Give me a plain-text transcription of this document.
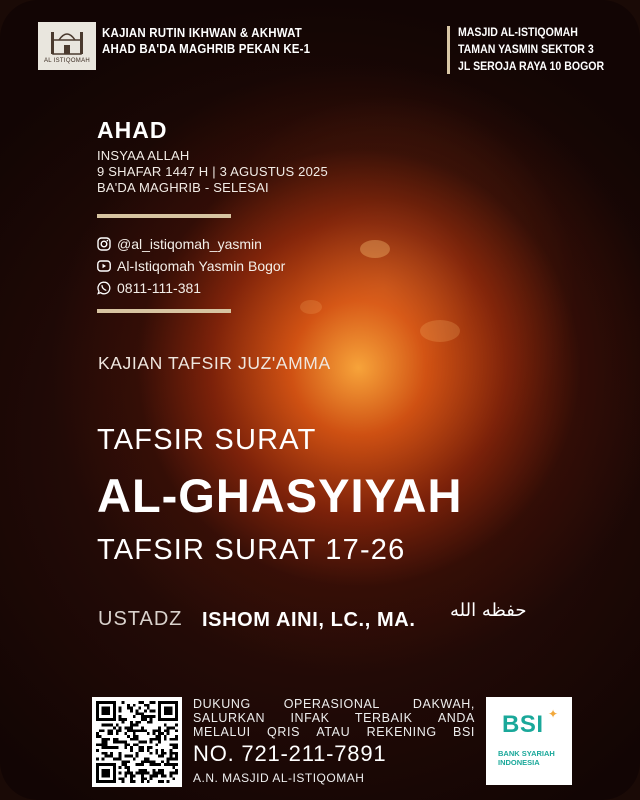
AL ISTIQOMAH
KAJIAN RUTIN IKHWAN & AKHWAT
AHAD BA'DA MAGHRIB PEKAN KE-1
MASJID AL-ISTIQOMAH
TAMAN YASMIN SEKTOR 3
JL SEROJA RAYA 10 BOGOR
AHAD
INSYAA ALLAH
9 SHAFAR 1447 H | 3 AGUSTUS 2025
BA'DA MAGHRIB - SELESAI
@al_istiqomah_yasmin
Al-Istiqomah Yasmin Bogor
0811-111-381
KAJIAN TAFSIR JUZ'AMMA
TAFSIR SURAT
AL-GHASYIYAH
TAFSIR SURAT 17-26
USTADZ ISHOM AINI, LC., MA. حفظه الله
DUKUNG	OPERASIONAL	DAKWAH,
SALURKAN INFAK TERBAIK ANDA
MELALUI QRIS ATAU REKENING BSI
NO. 721-211-7891
A.N. MASJID AL-ISTIQOMAH
BSI ✦
BANK SYARIAH
INDONESIA
